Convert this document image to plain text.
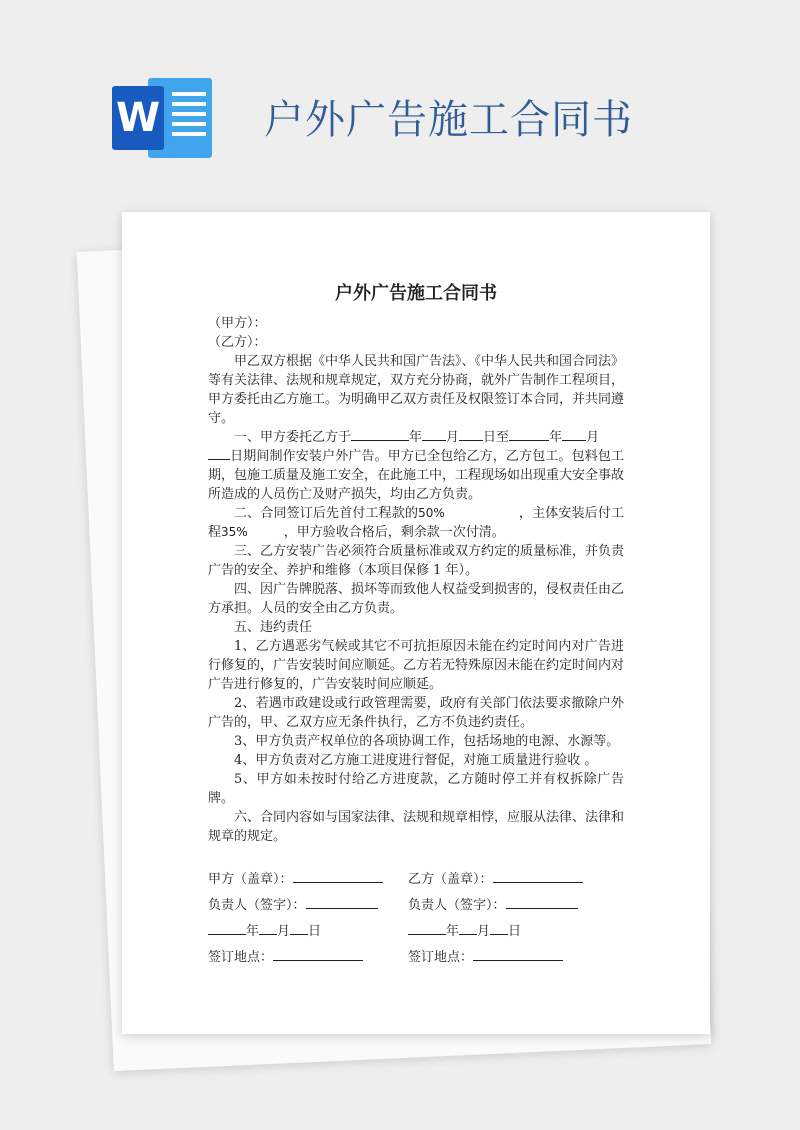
W	户外广告施工合同书
户外广告施工合同书

（甲方）：

（乙方）：

甲乙双方根据《中华人民共和国广告法》、《中华人民共和国合同法》等有关法律、法规和规章规定，双方充分协商，就外广告制作工程项目，甲方委托由乙方施工。为明确甲乙双方责任及权限签订本合同，并共同遵守。

一、甲方委托乙方于	年 月 日至	年 月
日期间制作安装户外广告。甲方已全包给乙方，乙方包工。包料包工期，包施工质量及施工安全，在此施工中，工程现场如出现重大安全事故所造成的人员伤亡及财产损失，均由乙方负责。

二、合同签订后先首付工程款的50%	，主体安装后付工程35%	，甲方验收合格后，剩余款一次付清。

三、乙方安装广告必须符合质量标准或双方约定的质量标准，并负责广告的安全、养护和维修（本项目保修 1 年）。

四、因广告牌脱落、损坏等而致他人权益受到损害的，侵权责任由乙方承担。人员的安全由乙方负责。

五、违约责任

1、乙方遇恶劣气候或其它不可抗拒原因未能在约定时间内对广告进行修复的，广告安装时间应顺延。乙方若无特殊原因未能在约定时间内对广告进行修复的，广告安装时间应顺延。

2、若遇市政建设或行政管理需要，政府有关部门依法要求撤除户外广告的，甲、乙双方应无条件执行，乙方不负违约责任。

3、甲方负责产权单位的各项协调工作，包括场地的电源、水源等。

4、甲方负责对乙方施工进度进行督促，对施工质量进行验收 。

5、甲方如未按时付给乙方进度款，乙方随时停工并有权拆除广告牌。

六、合同内容如与国家法律、法规和规章相悖，应服从法律、法律和规章的规定。

甲方（盖章）：	乙方（盖章）：
负责人（签字）：	负责人（签字）：
年 月 日	年 月 日
签订地点：	签订地点：
